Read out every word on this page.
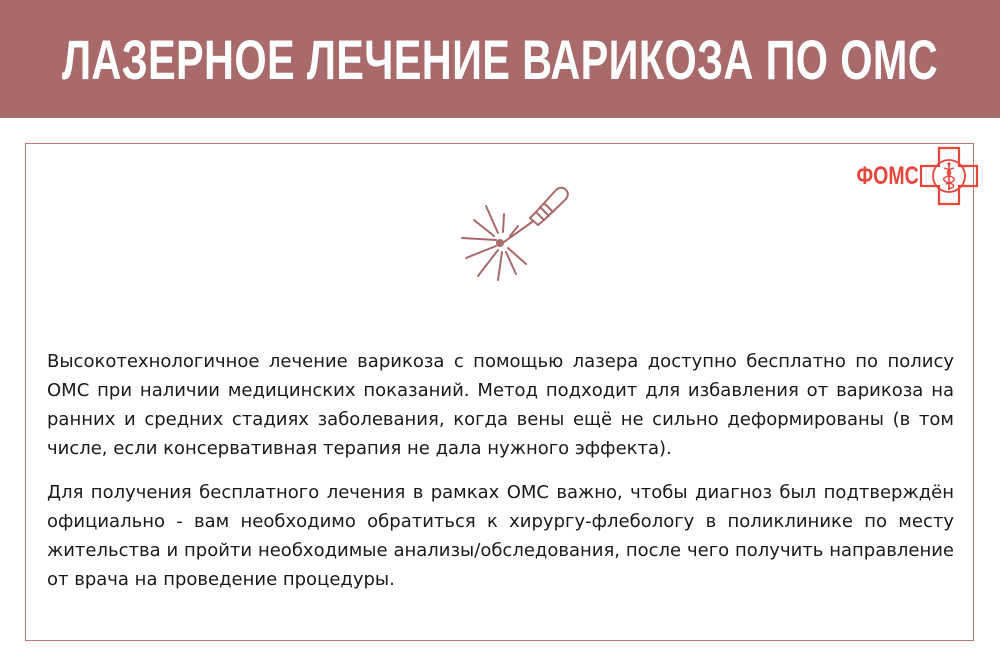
ЛАЗЕРНОЕ ЛЕЧЕНИЕ ВАРИКОЗА ПО ОМС
ФОМС

Высокотехнологичное лечение варикоза с помощью лазера доступно бесплатно по полису ОМС при наличии медицинских показаний. Метод подходит для избавления от варикоза на ранних и средних стадиях заболевания, когда вены ещё не сильно деформированы (в том числе, если консервативная терапия не дала нужного эффекта).

Для получения бесплатного лечения в рамках ОМС важно, чтобы диагноз был подтверждён официально - вам необходимо обратиться к хирургу-флебологу в поликлинике по месту жительства и пройти необходимые анализы/обследования, после чего получить направление от врача на проведение процедуры.
